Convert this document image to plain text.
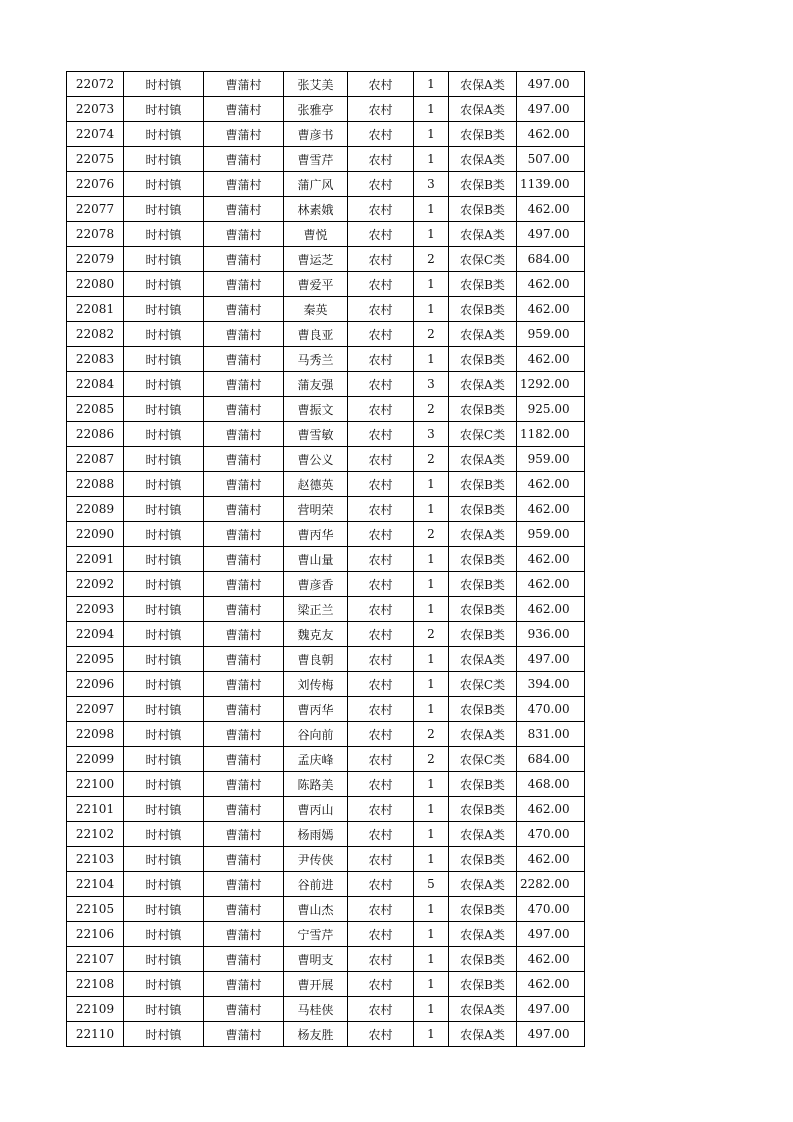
22072	时村镇	曹蒲村	张艾美	农村	1	农保A类	497.00
22073	时村镇	曹蒲村	张雅亭	农村	1	农保A类	497.00
22074	时村镇	曹蒲村	曹彦书	农村	1	农保B类	462.00
22075	时村镇	曹蒲村	曹雪芹	农村	1	农保A类	507.00
22076	时村镇	曹蒲村	蒲广风	农村	3	农保B类	1139.00
22077	时村镇	曹蒲村	林素娥	农村	1	农保B类	462.00
22078	时村镇	曹蒲村	曹悦	农村	1	农保A类	497.00
22079	时村镇	曹蒲村	曹运芝	农村	2	农保C类	684.00
22080	时村镇	曹蒲村	曹爱平	农村	1	农保B类	462.00
22081	时村镇	曹蒲村	秦英	农村	1	农保B类	462.00
22082	时村镇	曹蒲村	曹良亚	农村	2	农保A类	959.00
22083	时村镇	曹蒲村	马秀兰	农村	1	农保B类	462.00
22084	时村镇	曹蒲村	蒲友强	农村	3	农保A类	1292.00
22085	时村镇	曹蒲村	曹振文	农村	2	农保B类	925.00
22086	时村镇	曹蒲村	曹雪敏	农村	3	农保C类	1182.00
22087	时村镇	曹蒲村	曹公义	农村	2	农保A类	959.00
22088	时村镇	曹蒲村	赵德英	农村	1	农保B类	462.00
22089	时村镇	曹蒲村	营明荣	农村	1	农保B类	462.00
22090	时村镇	曹蒲村	曹丙华	农村	2	农保A类	959.00
22091	时村镇	曹蒲村	曹山量	农村	1	农保B类	462.00
22092	时村镇	曹蒲村	曹彦香	农村	1	农保B类	462.00
22093	时村镇	曹蒲村	梁正兰	农村	1	农保B类	462.00
22094	时村镇	曹蒲村	魏克友	农村	2	农保B类	936.00
22095	时村镇	曹蒲村	曹良朝	农村	1	农保A类	497.00
22096	时村镇	曹蒲村	刘传梅	农村	1	农保C类	394.00
22097	时村镇	曹蒲村	曹丙华	农村	1	农保B类	470.00
22098	时村镇	曹蒲村	谷向前	农村	2	农保A类	831.00
22099	时村镇	曹蒲村	孟庆峰	农村	2	农保C类	684.00
22100	时村镇	曹蒲村	陈路美	农村	1	农保B类	468.00
22101	时村镇	曹蒲村	曹丙山	农村	1	农保B类	462.00
22102	时村镇	曹蒲村	杨雨嫣	农村	1	农保A类	470.00
22103	时村镇	曹蒲村	尹传侠	农村	1	农保B类	462.00
22104	时村镇	曹蒲村	谷前进	农村	5	农保A类	2282.00
22105	时村镇	曹蒲村	曹山杰	农村	1	农保B类	470.00
22106	时村镇	曹蒲村	宁雪芹	农村	1	农保A类	497.00
22107	时村镇	曹蒲村	曹明支	农村	1	农保B类	462.00
22108	时村镇	曹蒲村	曹开展	农村	1	农保B类	462.00
22109	时村镇	曹蒲村	马桂侠	农村	1	农保A类	497.00
22110	时村镇	曹蒲村	杨友胜	农村	1	农保A类	497.00
